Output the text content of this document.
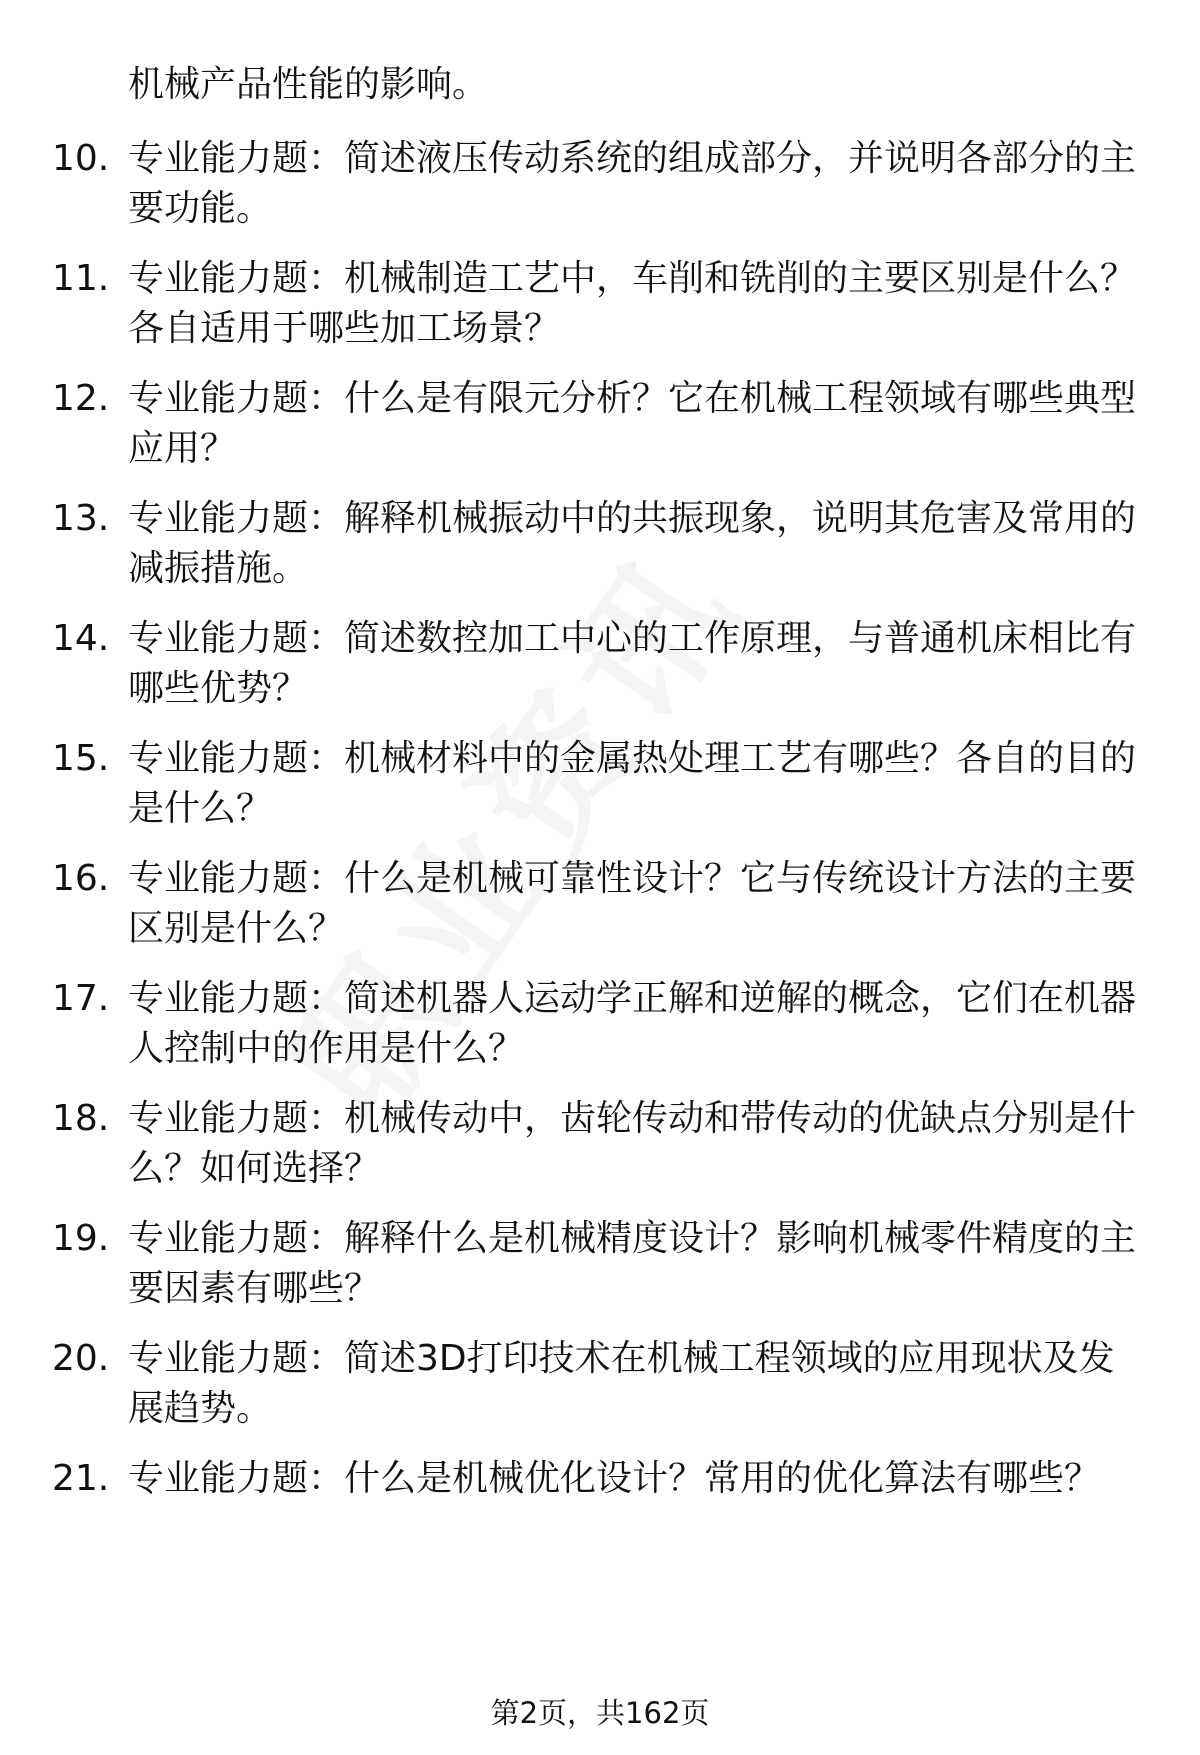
机械产品性能的影响。

10. 专业能力题：简述液压传动系统的组成部分，并说明各部分的主要功能。

11. 专业能力题：机械制造工艺中，车削和铣削的主要区别是什么？各自适用于哪些加工场景？

12. 专业能力题：什么是有限元分析？它在机械工程领域有哪些典型应用？

13. 专业能力题：解释机械振动中的共振现象，说明其危害及常用的减振措施。

14. 专业能力题：简述数控加工中心的工作原理，与普通机床相比有哪些优势？

15. 专业能力题：机械材料中的金属热处理工艺有哪些？各自的目的是什么？

16. 专业能力题：什么是机械可靠性设计？它与传统设计方法的主要区别是什么？

17. 专业能力题：简述机器人运动学正解和逆解的概念，它们在机器人控制中的作用是什么？

18. 专业能力题：机械传动中，齿轮传动和带传动的优缺点分别是什么？如何选择？

19. 专业能力题：解释什么是机械精度设计？影响机械零件精度的主要因素有哪些？

20. 专业能力题：简述3D打印技术在机械工程领域的应用现状及发展趋势。

21. 专业能力题：什么是机械优化设计？常用的优化算法有哪些？

第2页，共162页
